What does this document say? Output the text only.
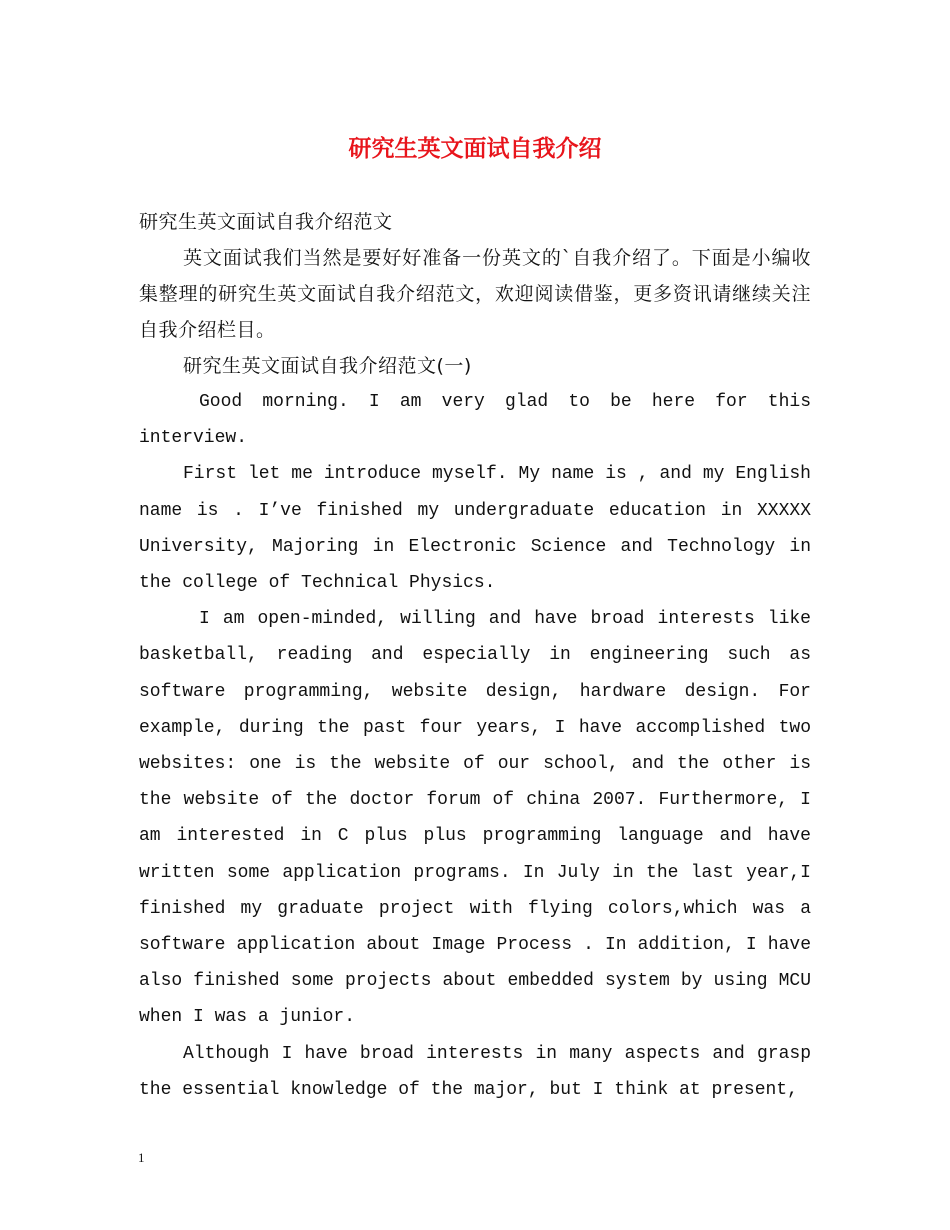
研究生英文面试自我介绍

研究生英文面试自我介绍范文

英文面试我们当然是要好好准备一份英文的`自我介绍了。下面是小编收集整理的研究生英文面试自我介绍范文，欢迎阅读借鉴，更多资讯请继续关注自我介绍栏目。

研究生英文面试自我介绍范文(一)

Good morning. I am very glad to be here for this interview.

First let me introduce myself. My name is , and my English name is . I’ve finished my undergraduate education in XXXXX University, Majoring in Electronic Science and Technology in the college of Technical Physics.

I am open-minded, willing and have broad interests like basketball, reading and especially in engineering such as software programming, website design, hardware design. For example, during the past four years, I have accomplished two websites: one is the website of our school, and the other is the website of the doctor forum of china 2007. Furthermore, I am interested in C plus plus programming language and have written some application programs. In July in the last year,I finished my graduate project with flying colors,which was a software application about Image Process . In addition, I have also finished some projects about embedded system by using MCU when I was a junior.

Although I have broad interests in many aspects and grasp the essential knowledge of the major, but I think at present,

1
